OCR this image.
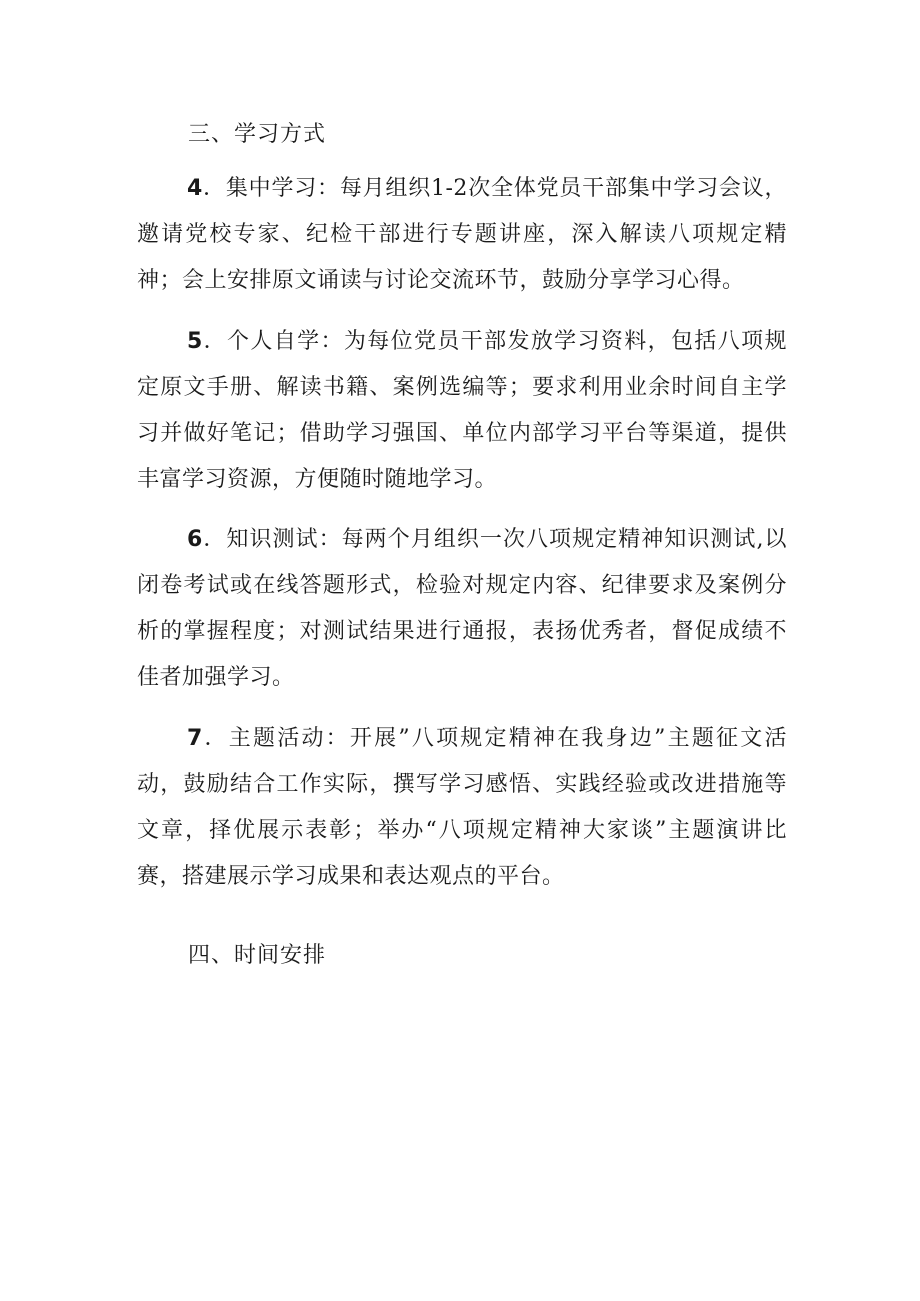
三、学习方式

4．集中学习：每月组织1-2次全体党员干部集中学习会议，邀请党校专家、纪检干部进行专题讲座，深入解读八项规定精神；会上安排原文诵读与讨论交流环节，鼓励分享学习心得。

5．个人自学：为每位党员干部发放学习资料，包括八项规定原文手册、解读书籍、案例选编等；要求利用业余时间自主学习并做好笔记；借助学习强国、单位内部学习平台等渠道，提供丰富学习资源，方便随时随地学习。

6．知识测试：每两个月组织一次八项规定精神知识测试,以闭卷考试或在线答题形式，检验对规定内容、纪律要求及案例分析的掌握程度；对测试结果进行通报，表扬优秀者，督促成绩不佳者加强学习。

7．主题活动：开展”八项规定精神在我身边”主题征文活动，鼓励结合工作实际，撰写学习感悟、实践经验或改进措施等文章，择优展示表彰；举办“八项规定精神大家谈”主题演讲比赛，搭建展示学习成果和表达观点的平台。

四、时间安排
